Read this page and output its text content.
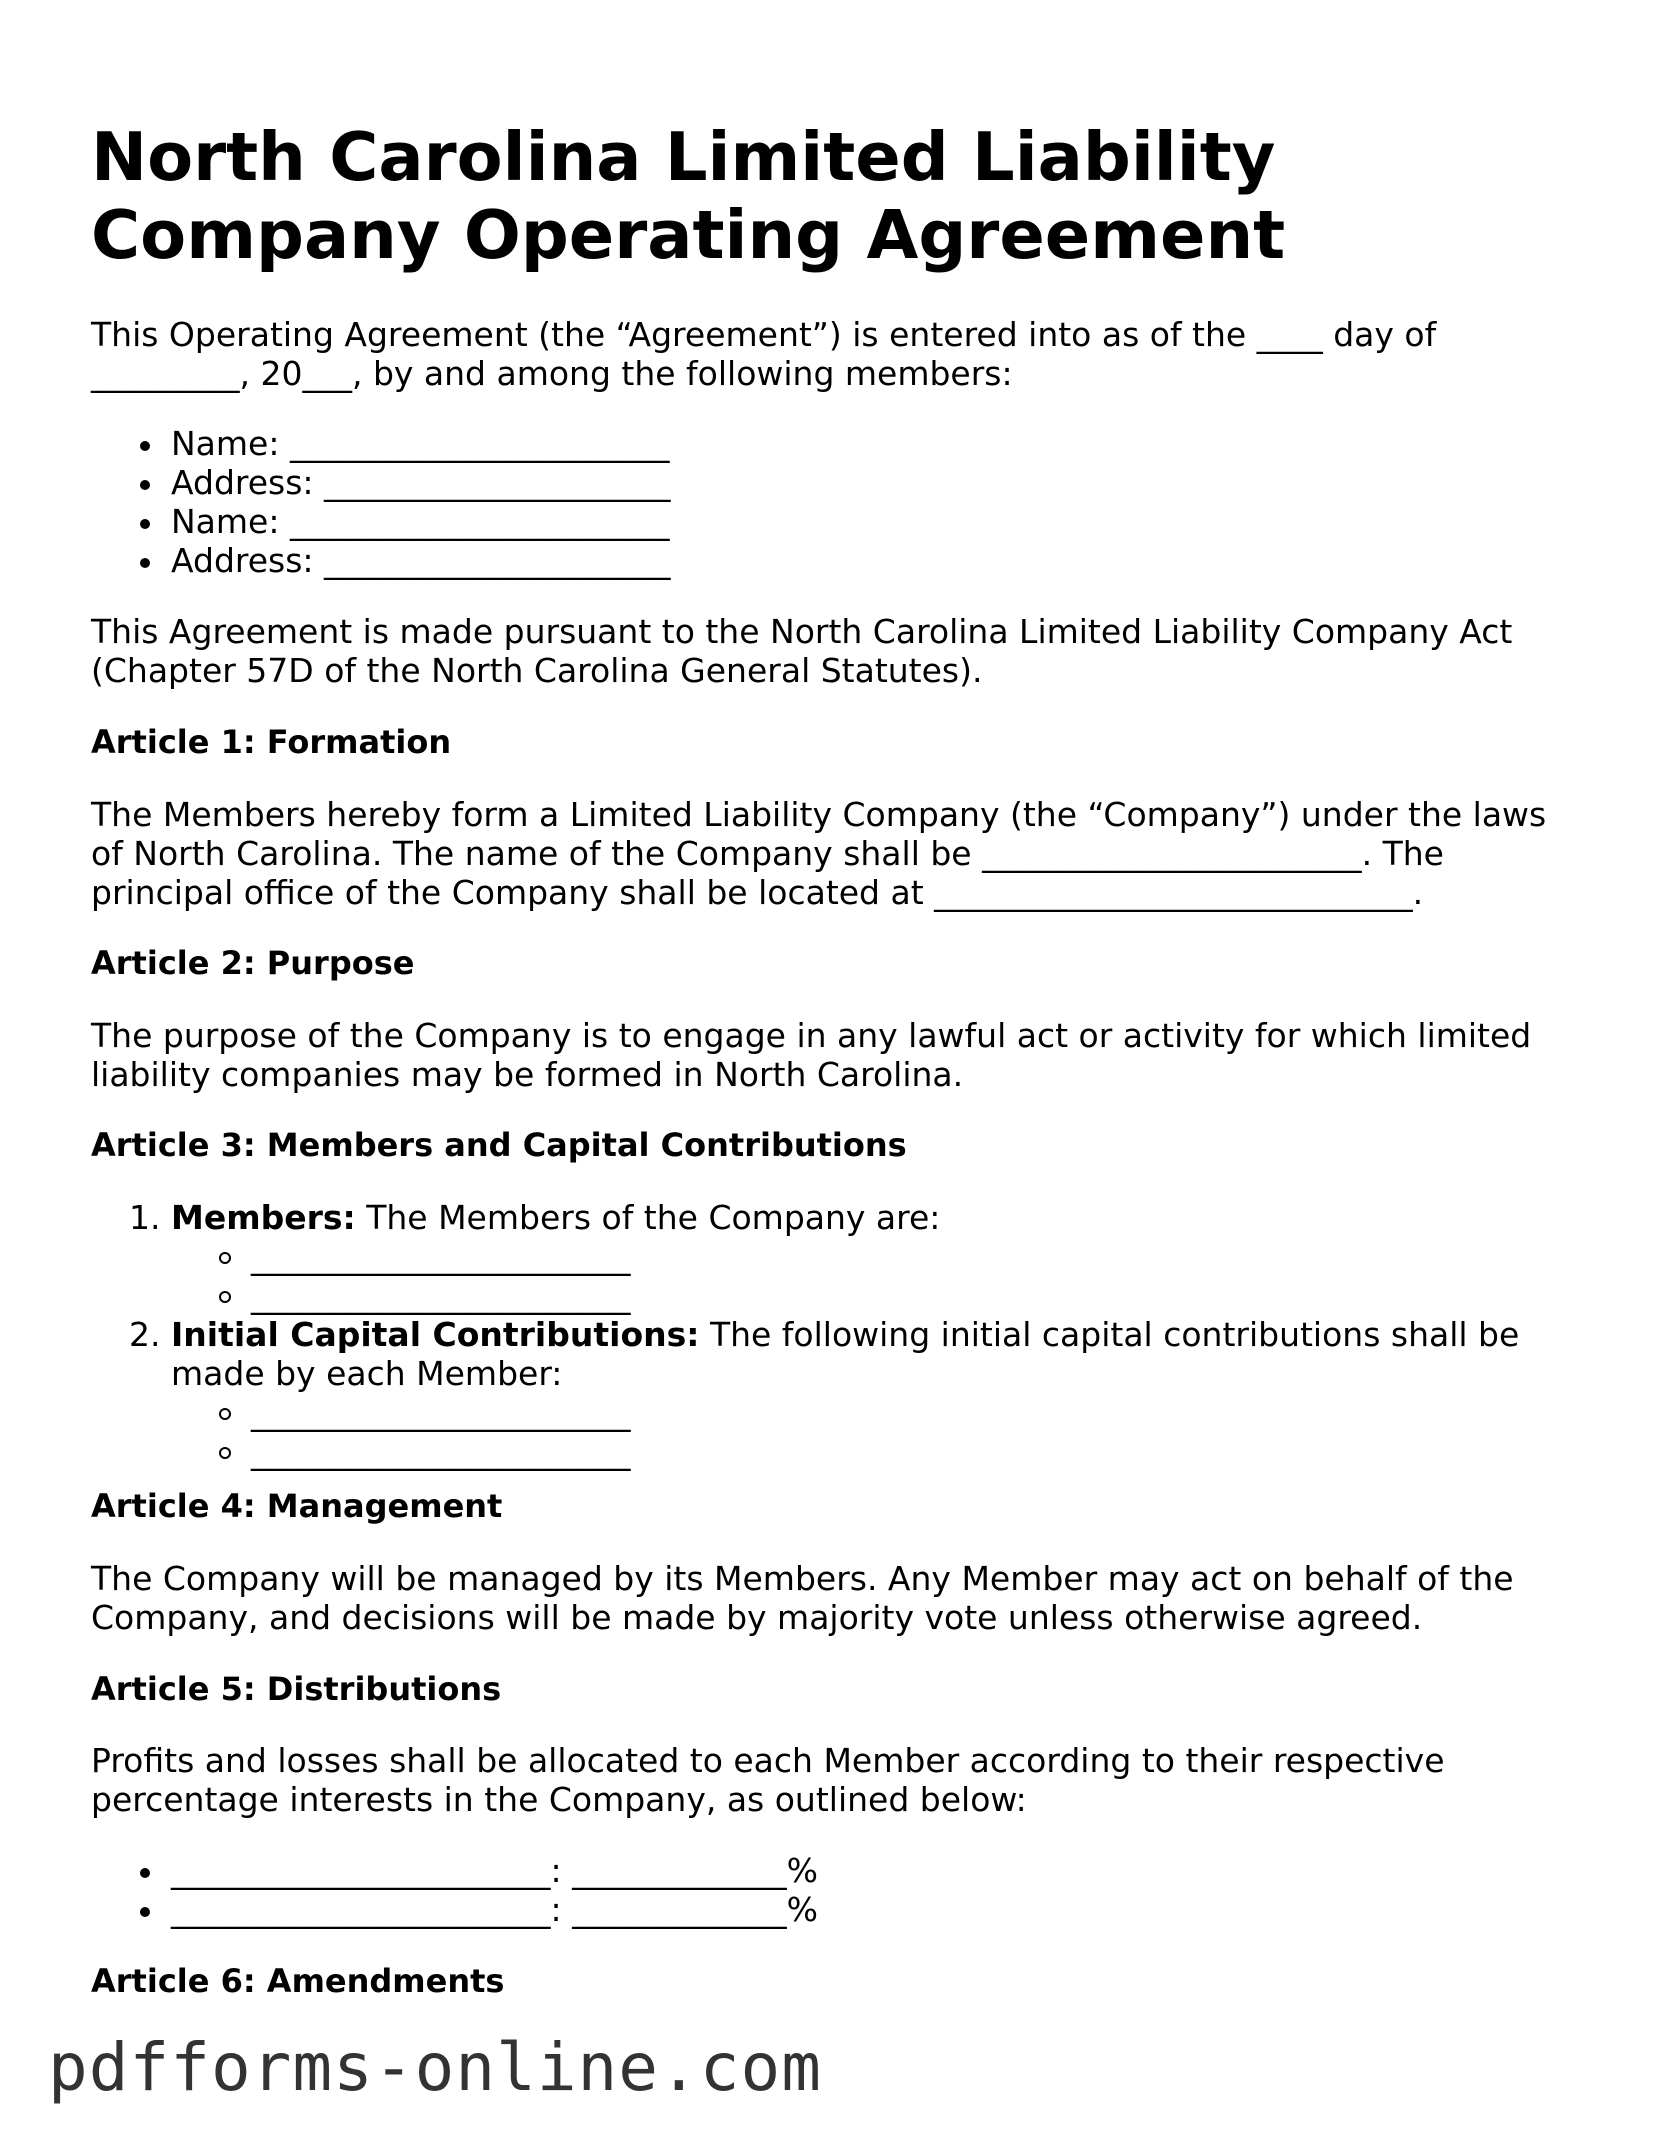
North Carolina Limited Liability Company Operating Agreement

This Operating Agreement (the “Agreement”) is entered into as of the ____ day of _________, 20___, by and among the following members:

Name: _______________________
Address: _____________________
Name: _______________________
Address: _____________________

This Agreement is made pursuant to the North Carolina Limited Liability Company Act (Chapter 57D of the North Carolina General Statutes).

Article 1: Formation

The Members hereby form a Limited Liability Company (the “Company”) under the laws of North Carolina. The name of the Company shall be _______________________. The principal office of the Company shall be located at _____________________________.

Article 2: Purpose

The purpose of the Company is to engage in any lawful act or activity for which limited liability companies may be formed in North Carolina.

Article 3: Members and Capital Contributions

1. Members: The Members of the Company are:
_______________________
_______________________
2. Initial Capital Contributions: The following initial capital contributions shall be made by each Member:
_______________________
_______________________

Article 4: Management

The Company will be managed by its Members. Any Member may act on behalf of the Company, and decisions will be made by majority vote unless otherwise agreed.

Article 5: Distributions

Profits and losses shall be allocated to each Member according to their respective percentage interests in the Company, as outlined below:

_______________________: _____________%
_______________________: _____________%

Article 6: Amendments

pdfforms-online.com
